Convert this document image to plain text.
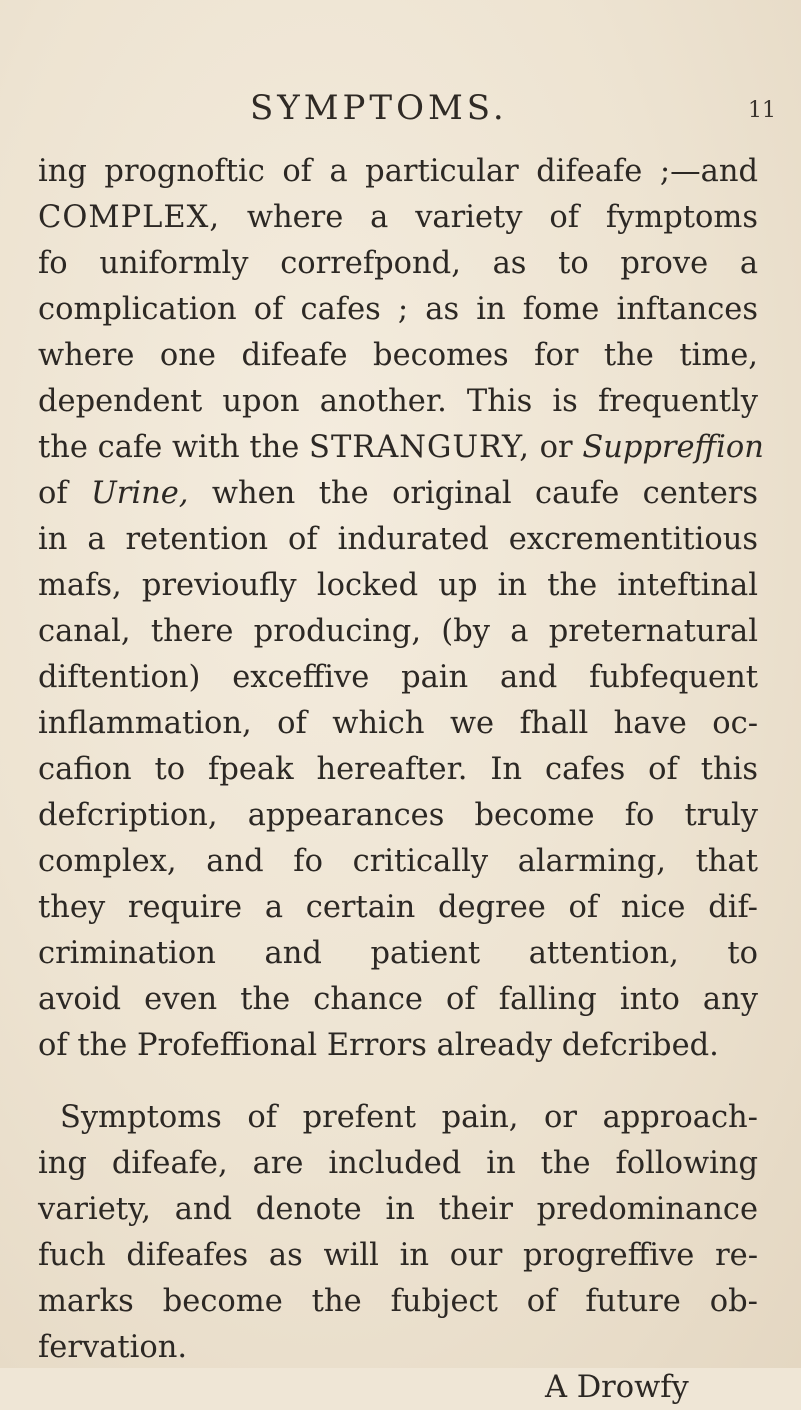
SYMPTOMS.	11
ing prognoftic of a particular difeafe ;—and
COMPLEX, where a variety of fymptoms
fo uniformly correfpond, as to prove a
complication of cafes ; as in fome inftances
where one difeafe becomes for the time,
dependent upon another. This is frequently
the cafe with the STRANGURY, or Suppreffion
of Urine, when the original caufe centers
in a retention of indurated excrementitious
mafs, previoufly locked up in the inteftinal
canal, there producing, (by a preternatural
diftention) exceffive pain and fubfequent
inflammation, of which we fhall have oc-
cafion to fpeak hereafter. In cafes of this
defcription, appearances become fo truly
complex, and fo critically alarming, that
they require a certain degree of nice dif-
crimination and patient attention, to
avoid even the chance of falling into any
of the Profeffional Errors already defcribed.
Symptoms of prefent pain, or approach-
ing difeafe, are included in the following
variety, and denote in their predominance
fuch difeafes as will in our progreffive re-
marks become the fubject of future ob-
fervation.
A Drowfy
